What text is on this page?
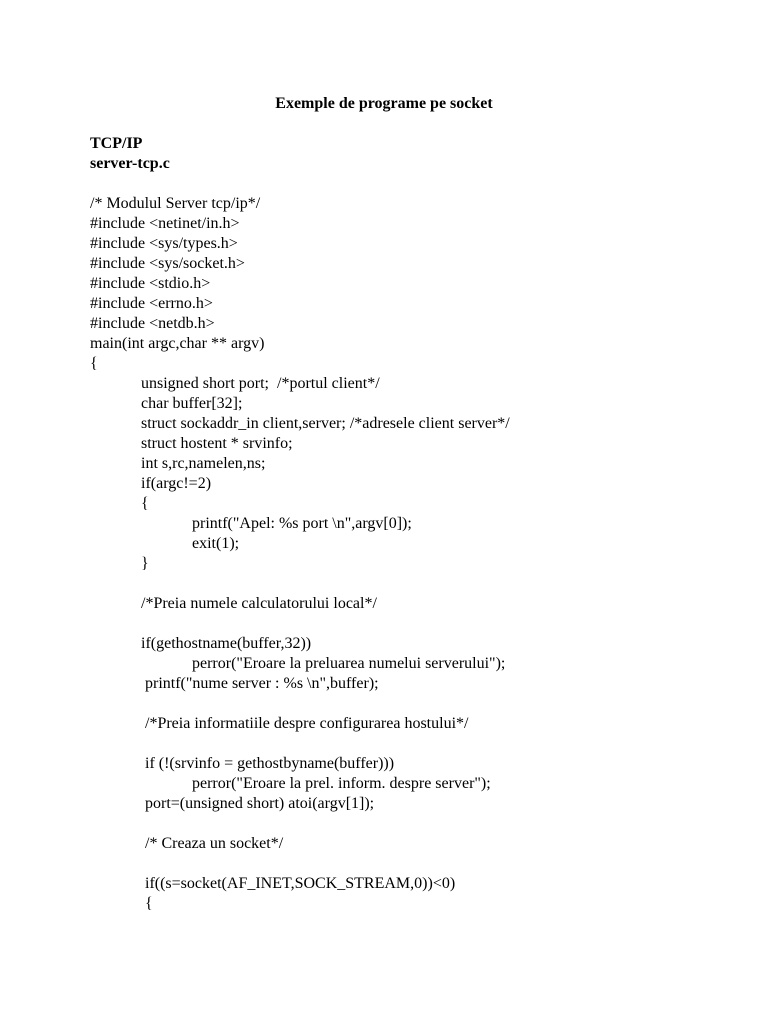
Exemple de programe pe socket
TCP/IP
server-tcp.c

/* Modulul Server tcp/ip*/

#include <netinet/in.h>

#include <sys/types.h>

#include <sys/socket.h>

#include <stdio.h>

#include <errno.h>

#include <netdb.h>

main(int argc,char ** argv)

{

unsigned short port;  /*portul client*/

char buffer[32];

struct sockaddr_in client,server; /*adresele client server*/

struct hostent * srvinfo;

int s,rc,namelen,ns;

if(argc!=2)

{

printf("Apel: %s port \n",argv[0]);

exit(1);

}

/*Preia numele calculatorului local*/

if(gethostname(buffer,32))

perror("Eroare la preluarea numelui serverului");

printf("nume server : %s \n",buffer);

/*Preia informatiile despre configurarea hostului*/

if (!(srvinfo = gethostbyname(buffer)))

perror("Eroare la prel. inform. despre server");

port=(unsigned short) atoi(argv[1]);

/* Creaza un socket*/

if((s=socket(AF_INET,SOCK_STREAM,0))<0)

{
